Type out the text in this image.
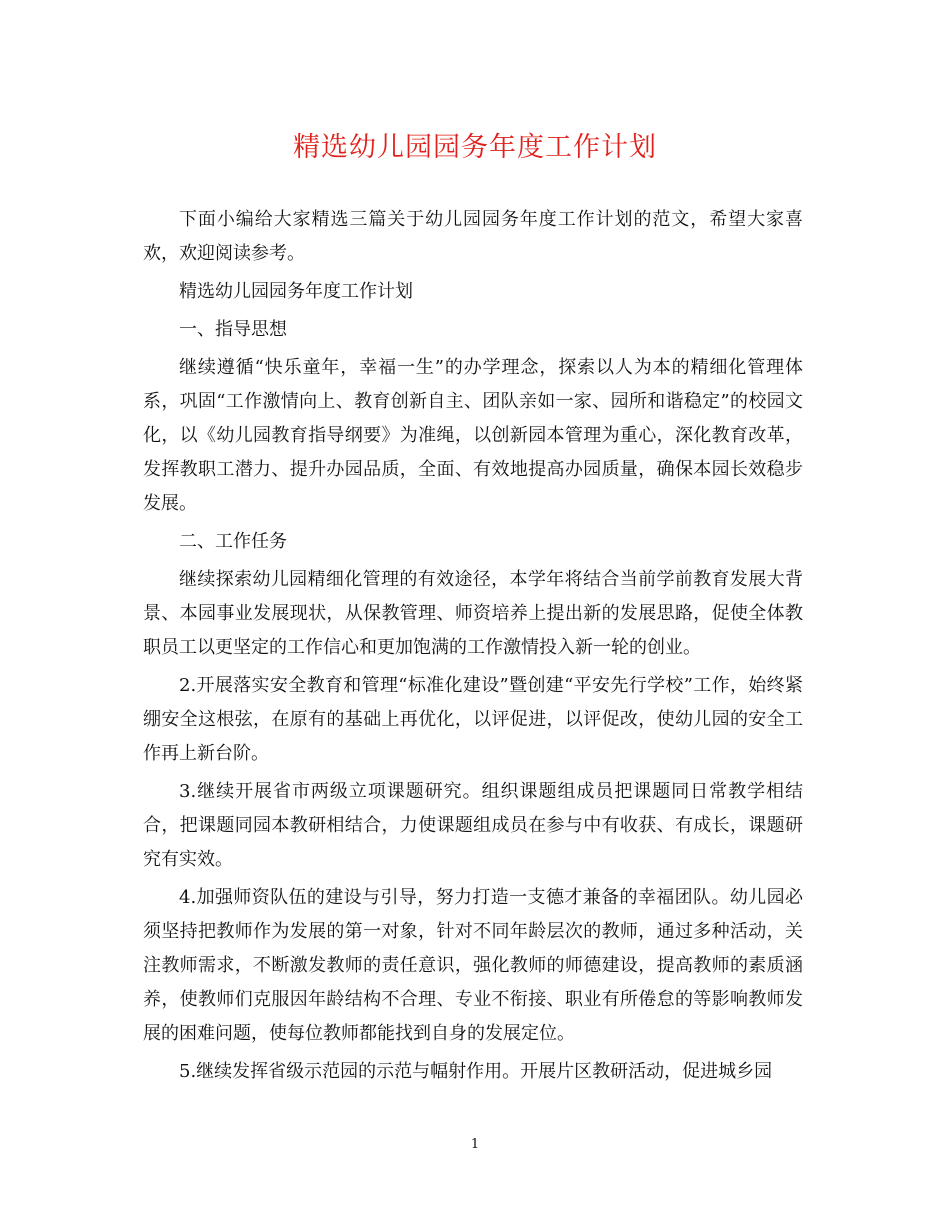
精选幼儿园园务年度工作计划

下面小编给大家精选三篇关于幼儿园园务年度工作计划的范文，希望大家喜欢，欢迎阅读参考。

精选幼儿园园务年度工作计划

一、指导思想

继续遵循“快乐童年，幸福一生”的办学理念，探索以人为本的精细化管理体系，巩固“工作激情向上、教育创新自主、团队亲如一家、园所和谐稳定”的校园文化，以《幼儿园教育指导纲要》为准绳，以创新园本管理为重心，深化教育改革，发挥教职工潜力、提升办园品质，全面、有效地提高办园质量，确保本园长效稳步发展。

二、工作任务

继续探索幼儿园精细化管理的有效途径，本学年将结合当前学前教育发展大背景、本园事业发展现状，从保教管理、师资培养上提出新的发展思路，促使全体教职员工以更坚定的工作信心和更加饱满的工作激情投入新一轮的创业。

2.开展落实安全教育和管理“标准化建设”暨创建“平安先行学校”工作，始终紧绷安全这根弦，在原有的基础上再优化，以评促进，以评促改，使幼儿园的安全工作再上新台阶。

3.继续开展省市两级立项课题研究。组织课题组成员把课题同日常教学相结合，把课题同园本教研相结合，力使课题组成员在参与中有收获、有成长，课题研究有实效。

4.加强师资队伍的建设与引导，努力打造一支德才兼备的幸福团队。幼儿园必须坚持把教师作为发展的第一对象，针对不同年龄层次的教师，通过多种活动，关注教师需求，不断激发教师的责任意识，强化教师的师德建设，提高教师的素质涵养，使教师们克服因年龄结构不合理、专业不衔接、职业有所倦怠的等影响教师发展的困难问题，使每位教师都能找到自身的发展定位。

5.继续发挥省级示范园的示范与幅射作用。开展片区教研活动，促进城乡园

1
